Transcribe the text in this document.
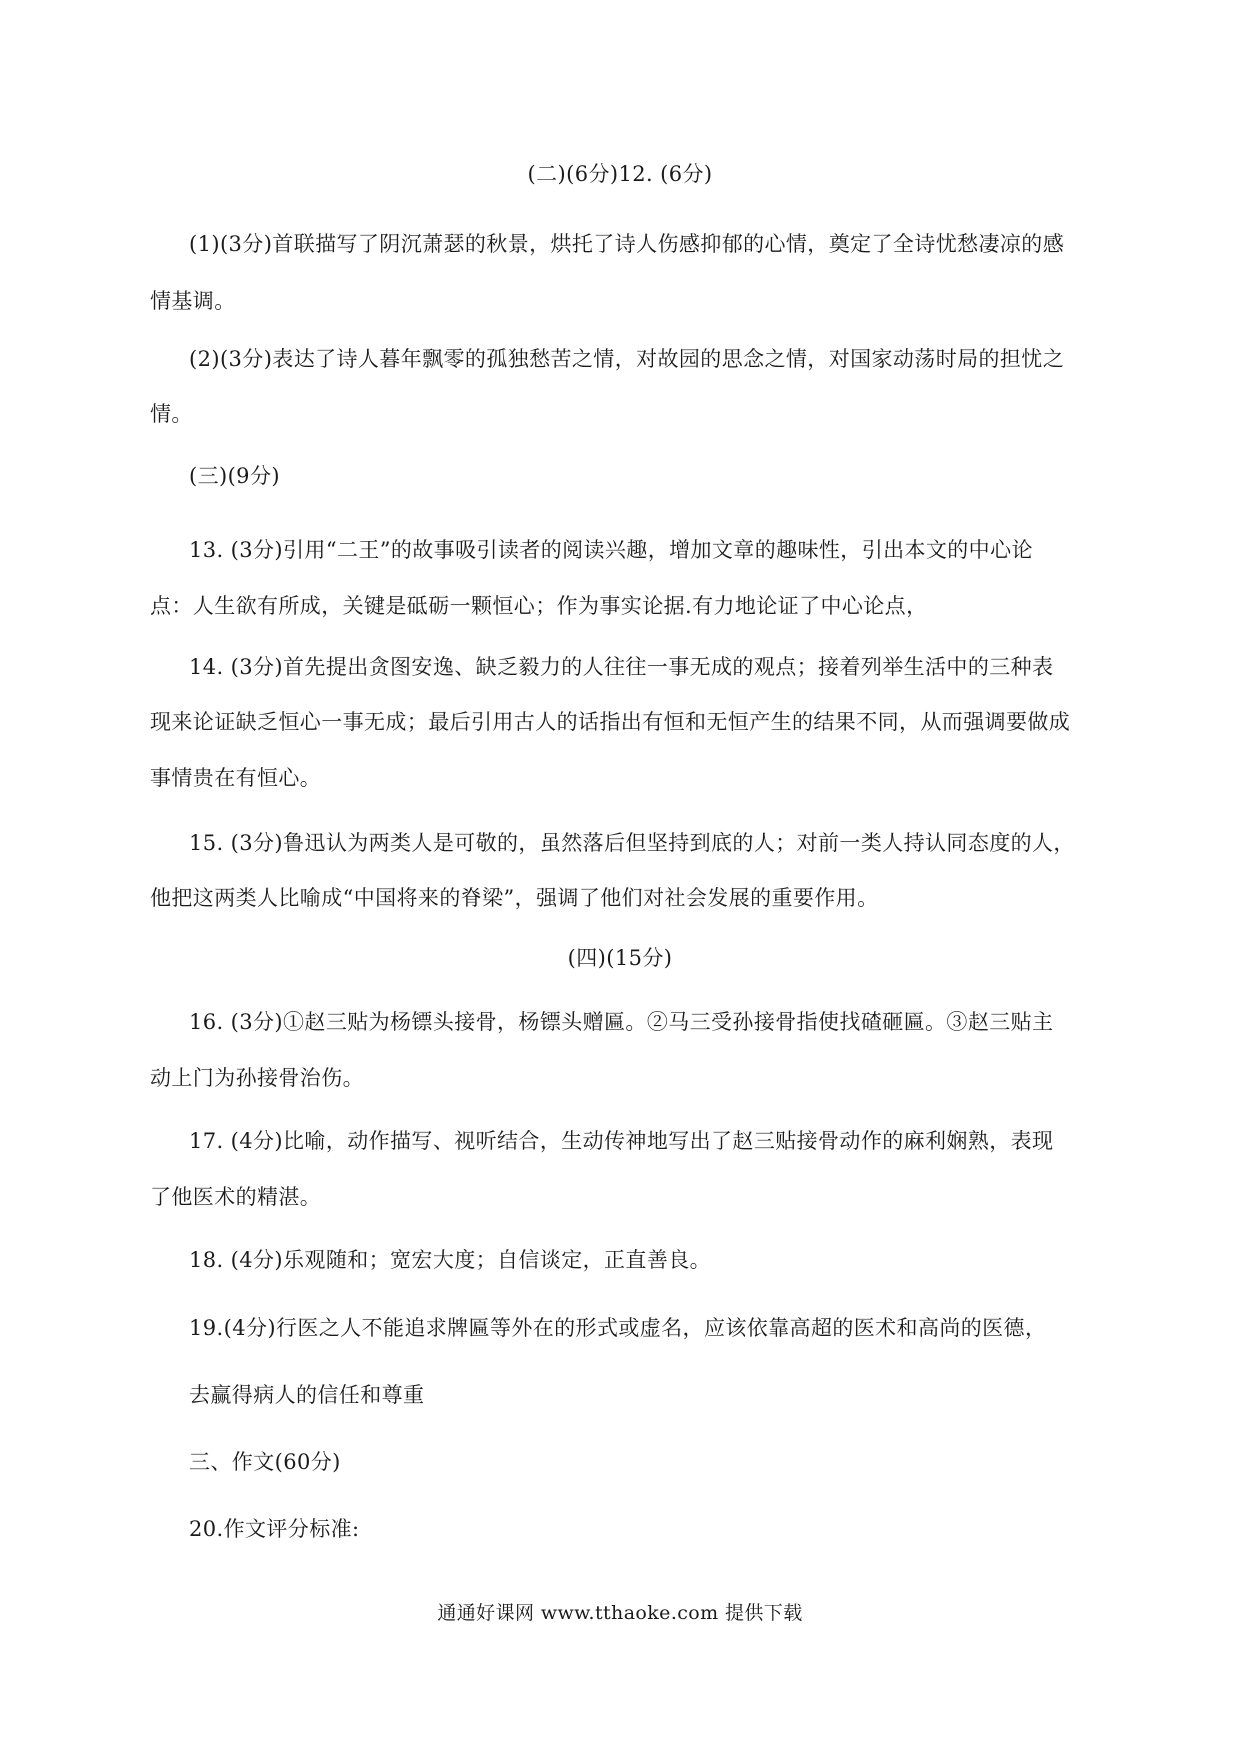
(二)(6分)12. (6分)
(1)(3分)首联描写了阴沉萧瑟的秋景，烘托了诗人伤感抑郁的心情，奠定了全诗忧愁凄凉的感
情基调。
(2)(3分)表达了诗人暮年飘零的孤独愁苦之情，对故园的思念之情，对国家动荡时局的担忧之
情。
(三)(9分)
13. (3分)引用“二王”的故事吸引读者的阅读兴趣，增加文章的趣味性，引出本文的中心论
点：人生欲有所成，关键是砥砺一颗恒心；作为事实论据.有力地论证了中心论点，
14. (3分)首先提出贪图安逸、缺乏毅力的人往往一事无成的观点；接着列举生活中的三种表
现来论证缺乏恒心一事无成；最后引用古人的话指出有恒和无恒产生的结果不同，从而强调要做成
事情贵在有恒心。
15. (3分)鲁迅认为两类人是可敬的，虽然落后但坚持到底的人；对前一类人持认同态度的人，
他把这两类人比喻成“中国将来的脊梁”，强调了他们对社会发展的重要作用。
(四)(15分)
16. (3分)①赵三贴为杨镖头接骨，杨镖头赠匾。②马三受孙接骨指使找碴砸匾。③赵三贴主
动上门为孙接骨治伤。
17. (4分)比喻，动作描写、视听结合，生动传神地写出了赵三贴接骨动作的麻利娴熟，表现
了他医术的精湛。
18. (4分)乐观随和；宽宏大度；自信谈定，正直善良。
19.(4分)行医之人不能追求牌匾等外在的形式或虚名，应该依靠高超的医术和高尚的医德，
去赢得病人的信任和尊重
三、作文(60分)
20.作文评分标准:
通通好课网 www.tthaoke.com 提供下载
